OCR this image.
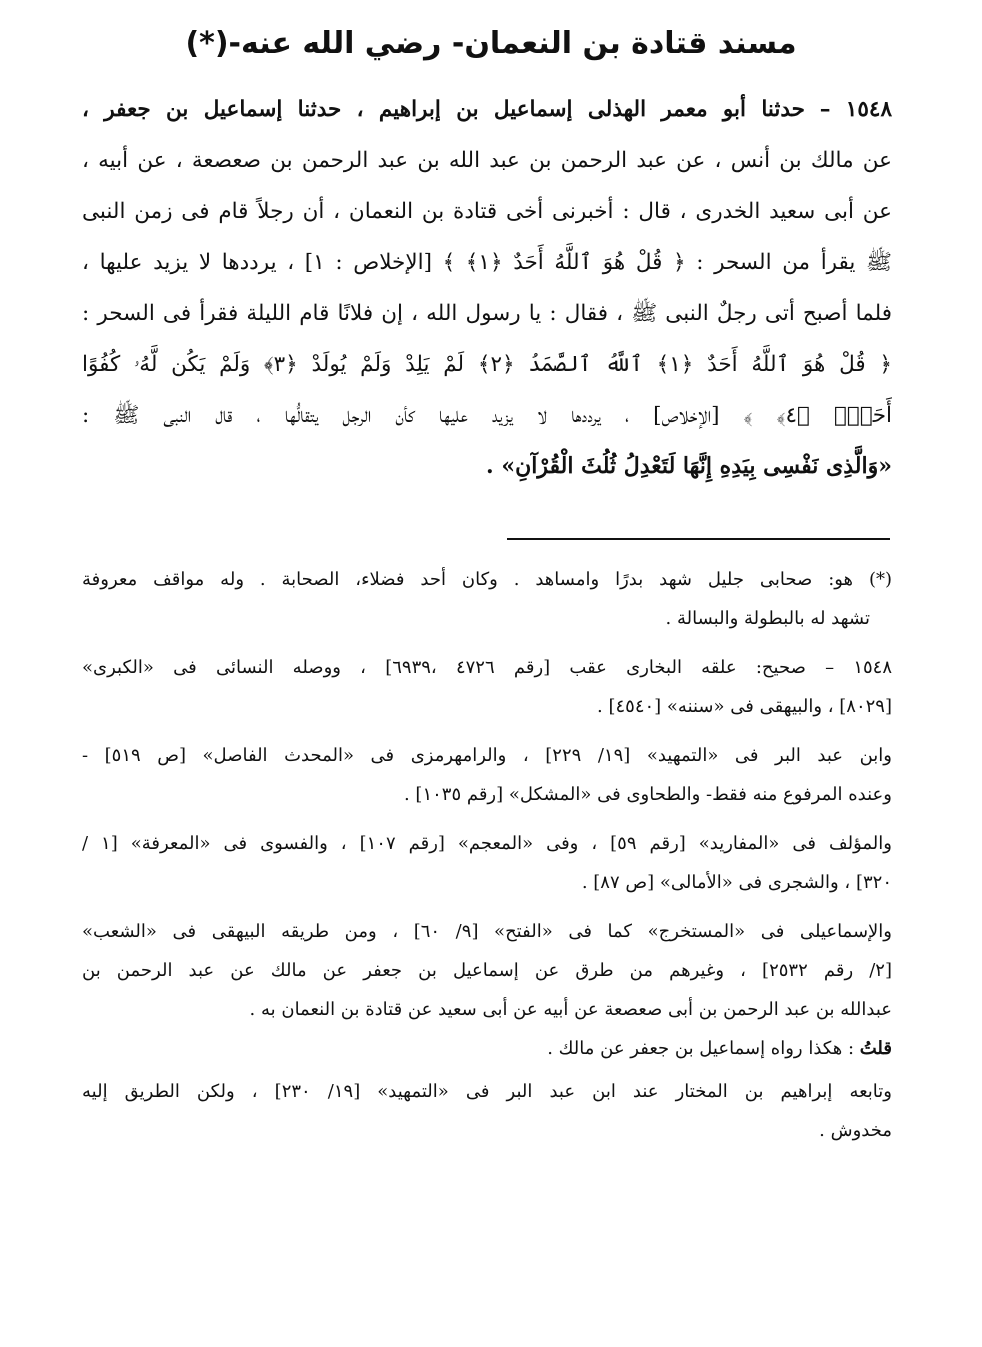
مسند قتادة بن النعمان- رضي الله عنه-(*)
١٥٤٨ – حدثنا أبو معمر الهذلى إسماعيل بن إبراهيم ، حدثنا إسماعيل بن جعفر ،
عن مالك بن أنس ، عن عبد الرحمن بن عبد الله بن عبد الرحمن بن صعصعة ، عن أبيه ،
عن أبى سعيد الخدرى ، قال : أخبرنى أخى قتادة بن النعمان ، أن رجلاً قام فى زمن النبى
ﷺ يقرأ من السحر : ﴿ قُلْ هُوَ ٱللَّهُ أَحَدٌ ﴿١﴾ ﴾ [الإخلاص : ١] ، يرددها لا يزيد عليها ،
فلما أصبح أتى رجلٌ النبى ﷺ ، فقال : يا رسول الله ، إن فلانًا قام الليلة فقرأ فى السحر :
﴿ قُلْ هُوَ ٱللَّهُ أَحَدٌ ﴿١﴾ ٱللَّهُ ٱلصَّمَدُ ﴿٢﴾ لَمْ يَلِدْ وَلَمْ يُولَدْ ﴿٣﴾ وَلَمْ يَكُن لَّهُۥ كُفُوًا
أَحَدٌۢ ﴿٤﴾ ﴾ [الإخلاص] ، يرددها لا يزيد عليها كأن الرجل يتقالُّها ، قال النبى ﷺ :
«وَالَّذِى نَفْسِى بِيَدِهِ إِنَّهَا لَتَعْدِلُ ثُلُثَ الْقُرْآنِ» .
(*) هو: صحابى جليل شهد بدرًا وامساهد . وكان أحد فضلاء، الصحابة . وله مواقف معروفة
تشهد له بالبطولة والبسالة .
١٥٤٨ – صحيح: علقه البخارى عقب [رقم ٤٧٢٦ ،٦٩٣٩] ، ووصله النسائى فى «الكبرى»
[٨٠٢٩] ، والبيهقى فى «سننه» [٤٥٤٠] .
وابن عبد البر فى «التمهيد» [١٩/ ٢٢٩] ، والرامهرمزى فى «المحدث الفاصل» [ص ٥١٩] -
وعنده المرفوع منه فقط- والطحاوى فى «المشكل» [رقم ١٠٣٥] .
والمؤلف فى «المفاريد» [رقم ٥٩] ، وفى «المعجم» [رقم ١٠٧] ، والفسوى فى «المعرفة» [١ /
٣٢٠] ، والشجرى فى «الأمالى» [ص ٨٧] .
والإسماعيلى فى «المستخرج» كما فى «الفتح» [٩/ ٦٠] ، ومن طريقه البيهقى فى «الشعب»
[٢/ رقم ٢٥٣٢] ، وغيرهم من طرق عن إسماعيل بن جعفر عن مالك عن عبد الرحمن بن
عبدالله بن عبد الرحمن بن أبى صعصعة عن أبيه عن أبى سعيد عن قتادة بن النعمان به .
قلتُ : هكذا رواه إسماعيل بن جعفر عن مالك .
وتابعه إبراهيم بن المختار عند ابن عبد البر فى «التمهيد» [١٩/ ٢٣٠] ، ولكن الطريق إليه
مخدوش .
